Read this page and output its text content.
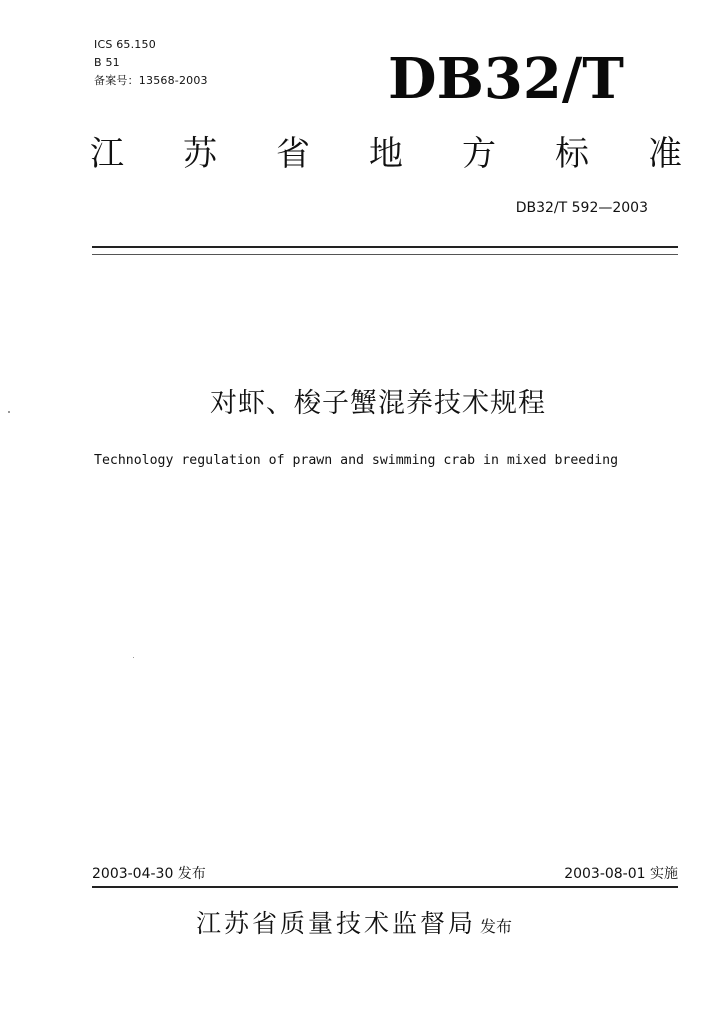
ICS 65.150
B 51
备案号：13568-2003	DB32/T
江 苏 省 地 方 标 准
DB32/T 592—2003
对虾、梭子蟹混养技术规程
Technology regulation of prawn and swimming crab in mixed breeding
2003-04-30 发布	2003-08-01 实施
江苏省质量技术监督局 发布
